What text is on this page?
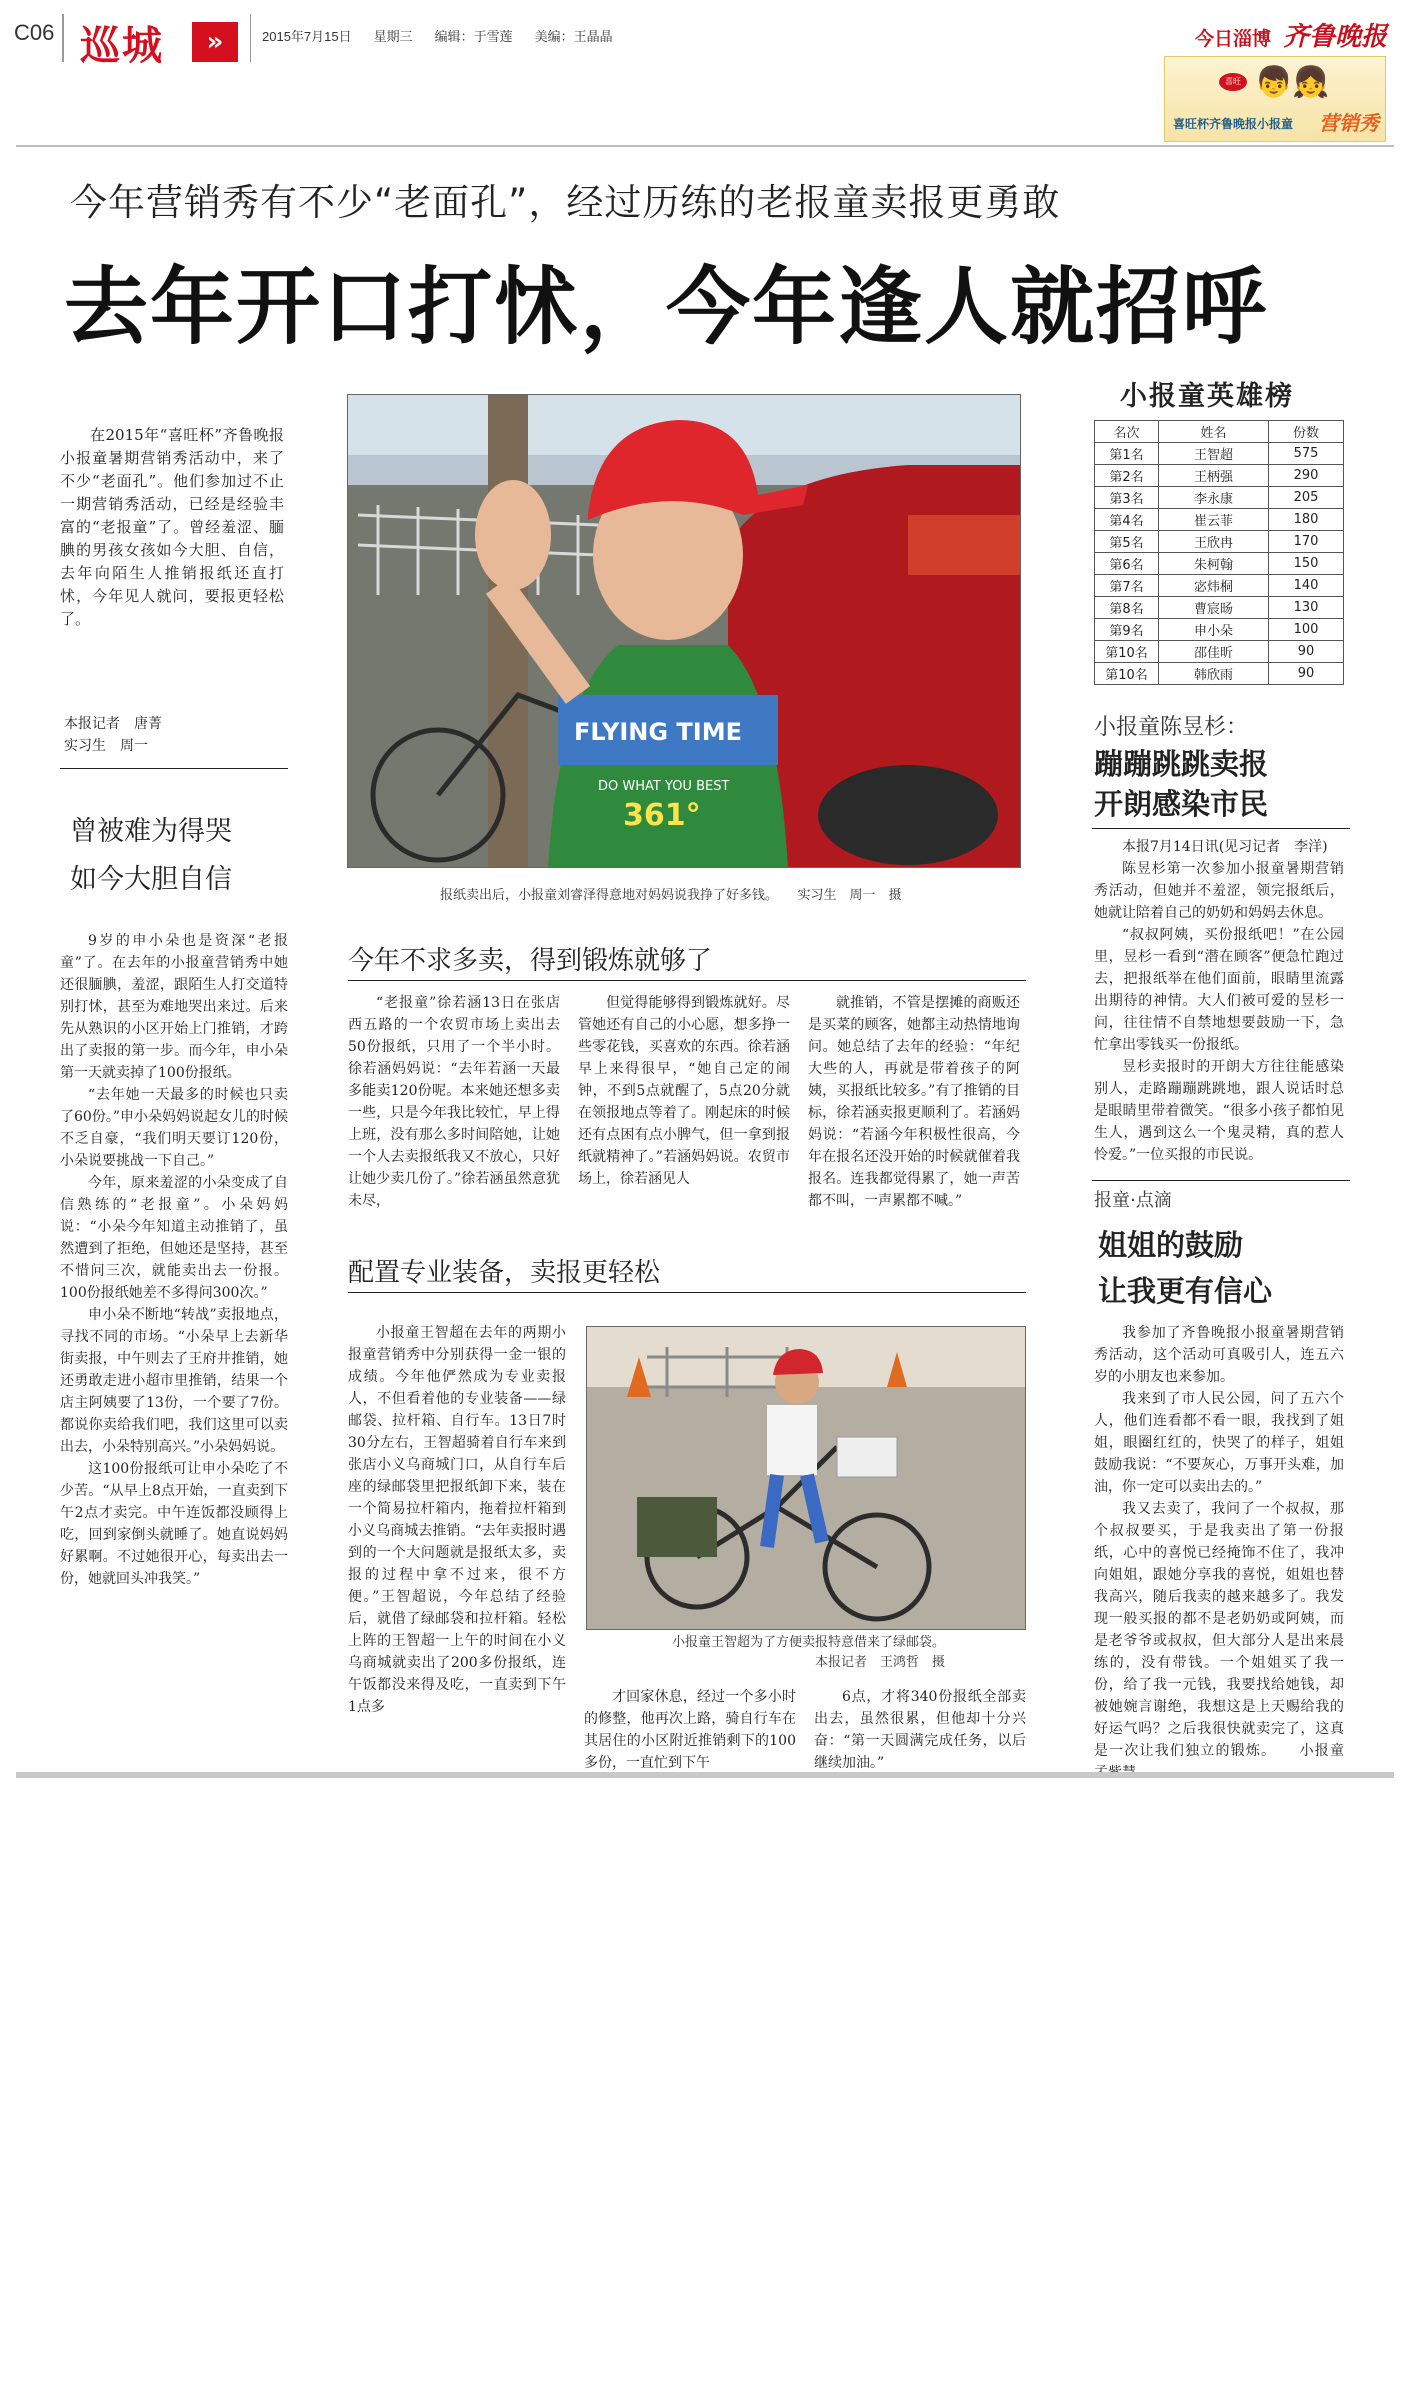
C06 巡城	»	2015年7月15日 星期三 编辑：于雪莲 美编：王晶晶	今日淄博 齐鲁晚报
喜旺 👦👧
喜旺杯齐鲁晚报小报童 营销秀
今年营销秀有不少“老面孔”，经过历练的老报童卖报更勇敢
去年开口打怵，今年逢人就招呼

在2015年“喜旺杯”齐鲁晚报小报童暑期营销秀活动中，来了不少“老面孔”。他们参加过不止一期营销秀活动，已经是经验丰富的“老报童”了。曾经羞涩、腼腆的男孩女孩如今大胆、自信，去年向陌生人推销报纸还直打怵，今年见人就问，要报更轻松了。

本报记者　唐菁
实习生　周一
曾被难为得哭
如今大胆自信

9岁的申小朵也是资深“老报童”了。在去年的小报童营销秀中她还很腼腆，羞涩，跟陌生人打交道特别打怵，甚至为难地哭出来过。后来先从熟识的小区开始上门推销，才跨出了卖报的第一步。而今年，申小朵第一天就卖掉了100份报纸。

“去年她一天最多的时候也只卖了60份。”申小朵妈妈说起女儿的时候不乏自豪，“我们明天要订120份，小朵说要挑战一下自己。”

今年，原来羞涩的小朵变成了自信熟练的“老报童”。小朵妈妈说：“小朵今年知道主动推销了，虽然遭到了拒绝，但她还是坚持，甚至不惜问三次，就能卖出去一份报。100份报纸她差不多得问300次。”

申小朵不断地“转战”卖报地点，寻找不同的市场。“小朵早上去新华街卖报，中午则去了王府井推销，她还勇敢走进小超市里推销，结果一个店主阿姨要了13份，一个要了7份。都说你卖给我们吧，我们这里可以卖出去，小朵特别高兴。”小朵妈妈说。

这100份报纸可让申小朵吃了不少苦。“从早上8点开始，一直卖到下午2点才卖完。中午连饭都没顾得上吃，回到家倒头就睡了。她直说妈妈好累啊。不过她很开心，每卖出去一份，她就回头冲我笑。”

FLYING TIME
DO WHAT YOU BEST
361°
报纸卖出后，小报童刘睿泽得意地对妈妈说我挣了好多钱。　　实习生　周一　摄
今年不求多卖，得到锻炼就够了

“老报童”徐若涵13日在张店西五路的一个农贸市场上卖出去50份报纸，只用了一个半小时。徐若涵妈妈说：“去年若涵一天最多能卖120份呢。本来她还想多卖一些，只是今年我比较忙，早上得上班，没有那么多时间陪她，让她一个人去卖报纸我又不放心，只好让她少卖几份了。”徐若涵虽然意犹未尽，

但觉得能够得到锻炼就好。尽管她还有自己的小心愿，想多挣一些零花钱，买喜欢的东西。徐若涵早上来得很早，“她自己定的闹钟，不到5点就醒了，5点20分就在领报地点等着了。刚起床的时候还有点困有点小脾气，但一拿到报纸就精神了。”若涵妈妈说。农贸市场上，徐若涵见人

就推销，不管是摆摊的商贩还是买菜的顾客，她都主动热情地询问。她总结了去年的经验：“年纪大些的人，再就是带着孩子的阿姨，买报纸比较多。”有了推销的目标，徐若涵卖报更顺利了。若涵妈妈说：“若涵今年积极性很高，今年在报名还没开始的时候就催着我报名。连我都觉得累了，她一声苦都不叫，一声累都不喊。”

配置专业装备，卖报更轻松

小报童王智超在去年的两期小报童营销秀中分别获得一金一银的成绩。今年他俨然成为专业卖报人，不但看着他的专业装备——绿邮袋、拉杆箱、自行车。13日7时30分左右，王智超骑着自行车来到张店小义乌商城门口，从自行车后座的绿邮袋里把报纸卸下来，装在一个简易拉杆箱内，拖着拉杆箱到小义乌商城去推销。“去年卖报时遇到的一个大问题就是报纸太多，卖报的过程中拿不过来，很不方便。”王智超说，今年总结了经验后，就借了绿邮袋和拉杆箱。轻松上阵的王智超一上午的时间在小义乌商城就卖出了200多份报纸，连午饭都没来得及吃，一直卖到下午1点多

小报童王智超为了方便卖报特意借来了绿邮袋。
本报记者　王鸿哲　摄

才回家休息，经过一个多小时的修整，他再次上路，骑自行车在其居住的小区附近推销剩下的100多份，一直忙到下午

6点，才将340份报纸全部卖出去，虽然很累，但他却十分兴奋：“第一天圆满完成任务，以后继续加油。”

小报童英雄榜
名次	姓名	份数
第1名	王智超	575
第2名	王柄强	290
第3名	李永康	205
第4名	崔云菲	180
第5名	王欣冉	170
第6名	朱柯翰	150
第7名	宓炜桐	140
第8名	曹宸旸	130
第9名	申小朵	100
第10名	邵佳昕	90
第10名	韩欣雨	90
小报童陈昱杉：
蹦蹦跳跳卖报
开朗感染市民

本报7月14日讯(见习记者　李洋)

陈昱杉第一次参加小报童暑期营销秀活动，但她并不羞涩，领完报纸后，她就让陪着自己的奶奶和妈妈去休息。

“叔叔阿姨，买份报纸吧！”在公园里，昱杉一看到“潜在顾客”便急忙跑过去，把报纸举在他们面前，眼睛里流露出期待的神情。大人们被可爱的昱杉一问，往往情不自禁地想要鼓励一下，急忙拿出零钱买一份报纸。

昱杉卖报时的开朗大方往往能感染别人，走路蹦蹦跳跳地，跟人说话时总是眼睛里带着微笑。“很多小孩子都怕见生人，遇到这么一个鬼灵精，真的惹人怜爱。”一位买报的市民说。

报童·点滴
姐姐的鼓励
让我更有信心

我参加了齐鲁晚报小报童暑期营销秀活动，这个活动可真吸引人，连五六岁的小朋友也来参加。

我来到了市人民公园，问了五六个人，他们连看都不看一眼，我找到了姐姐，眼圈红红的，快哭了的样子，姐姐鼓励我说：“不要灰心，万事开头难，加油，你一定可以卖出去的。”

我又去卖了，我问了一个叔叔，那个叔叔要买，于是我卖出了第一份报纸，心中的喜悦已经掩饰不住了，我冲向姐姐，跟她分享我的喜悦，姐姐也替我高兴，随后我卖的越来越多了。我发现一般买报的都不是老奶奶或阿姨，而是老爷爷或叔叔，但大部分人是出来晨练的，没有带钱。一个姐姐买了我一份，给了我一元钱，我要找给她钱，却被她婉言谢绝，我想这是上天赐给我的好运气吗？之后我很快就卖完了，这真是一次让我们独立的锻炼。　　小报童　
